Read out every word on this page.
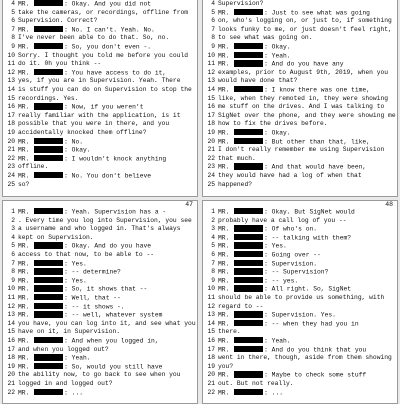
4 MR.	: Okay. And you did not
5 take the cameras, or recordings, offline from
6 Supervision. Correct?
7 MR.	: No. I can't. Yeah. No.
8 I've never been able to do that. So, no.
9 MR.	: So, you don't even -.
10 Sorry. I thought you told me before you could
11 do it. 0h you think --
12 MR.	: You have access to do it,
13 yes, if you are in Supervision. Yeah. There
14 is stuff you can do on Supervision to stop the
15 recordings. Yes.
16 MR.	: Now, if you weren't
17 really familiar with the application, is it
18 possible that you were in there, and you
19 accidentally knocked them offline?
20 MR.	: No.
21 MR.	: Okay.
22 MR.	: I wouldn't knock anything
23 offline.
24 MR.	: No. You don't believe
25 so?
4 Supervision?
5 MR.	: Just to see what was going
6 on, who's logging on, or just to, if something
7 looks funky to me, or just doesn't feel right,
8 to see what was going on.
9 MR.	: Okay.
10 MR.	: Yeah.
11 MR.	: And do you have any
12 examples, prior to August 9th, 2019, when you
13 would have done that?
14 MR.	: I know there was one time,
15 like, when they remoted in, they were showing
16 me stuff on the drives. And I was talking to
17 SigNet over the phone, and they were showing me
18 how to fix the drives before.
19 MR.	: Okay.
20 MR.	: But other than that, like,
21 I don't really remember me using Supervision
22 that much.
23 MR.	: And that would have been,
24 they would have had a log of when that
25 happened?
47
1 MR.	: Yeah. Supervision has a -
2 . Every time you log into Supervision, you see
3 a username and who logged in. That's always
4 kept on Supervision.
5 MR.	: Okay. And do you have
6 access to that now, to be able to --
7 MR.	: Yes.
8 MR.	: -- determine?
9 MR.	: Yes.
10 MR.	: So, it shows that --
11 MR.	: Well, that --
12 MR.	: -- it shows -.
13 MR.	: -- well, whatever system
14 you have, you can log into it, and see what you
15 have on it, in Supervision.
16 MR.	: And when you logged in,
17 and when you logged out?
18 MR.	: Yeah.
19 MR.	: So, would you still have
20 the ability now, to go back to see when you
21 logged in and logged out?
22 MR.	: ...
48
1 MR.	: Okay. But SigNet would
2 probably have a call log of you --
3 MR.	: Of who's on.
4 MR.	: -- talking with them?
5 MR.	: Yes.
6 MR.	: Going over --
7 MR.	: Supervision.
8 MR.	: -- Supervision?
9 MR.	: -- yes.
10 MR.	: All right. So, SigNet
11 should be able to provide us something, with
12 regard to --
13 MR.	: Supervision. Yes.
14 MR.	: -- when they had you in
15 there.
16 MR.	: Yeah.
17 MR.	: And do you think that you
18 went in there, though, aside from them showing
19 you?
20 MR.	: Maybe to check some stuff
21 out. But not really.
22 MR.	: ...
